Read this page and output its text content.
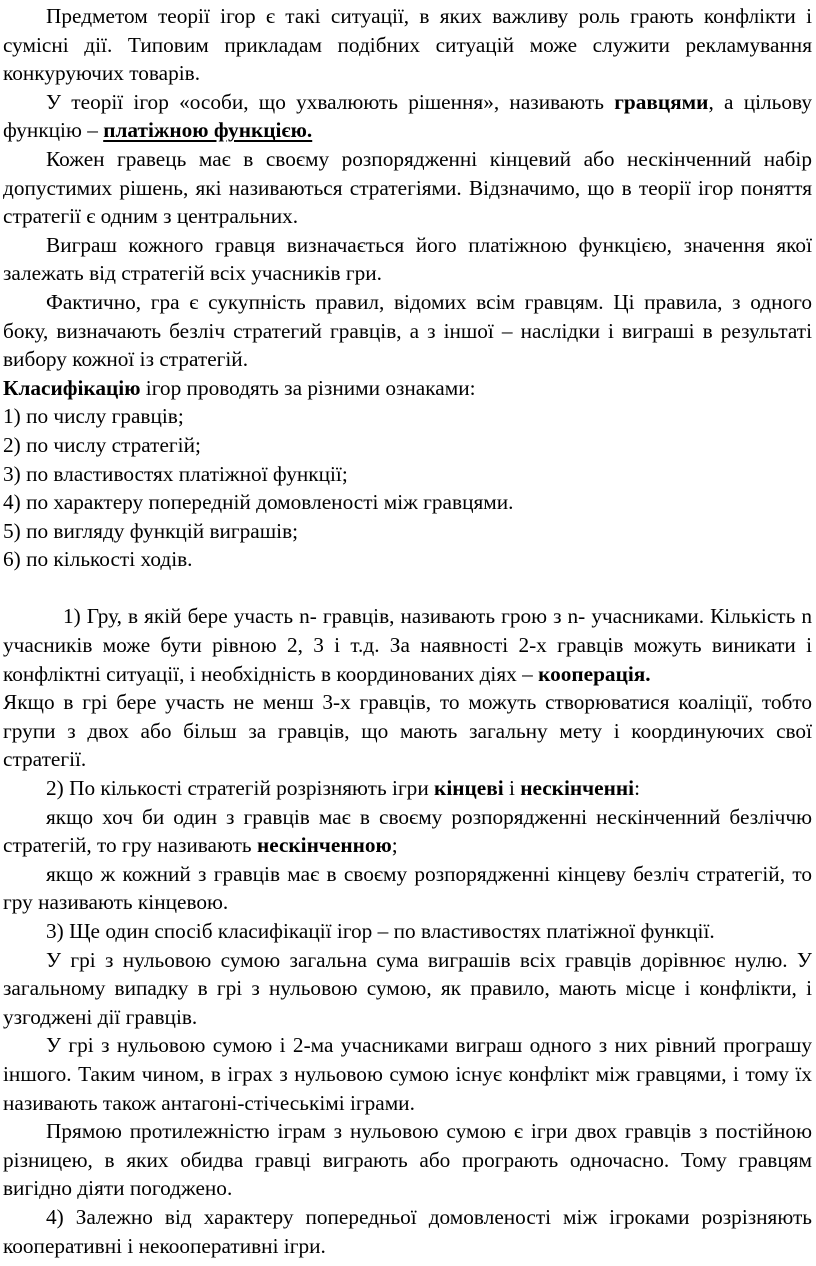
Предметом теорії ігор є такі ситуації, в яких важливу роль грають конфлікти і сумісні дії. Типовим прикладам подібних ситуацій може служити рекламування конкуруючих товарів.

У теорії ігор «особи, що ухвалюють рішення», називають гравцями, а цільову функцію – платіжною функцією.

Кожен гравець має в своєму розпорядженні кінцевий або нескінченний набір допустимих рішень, які називаються стратегіями. Відзначимо, що в теорії ігор поняття стратегії є одним з центральних.

Виграш кожного гравця визначається його платіжною функцією, значення якої залежать від стратегій всіх учасників гри.

Фактично, гра є сукупність правил, відомих всім гравцям. Ці правила, з одного боку, визначають безліч стратегий гравців, а з іншої – наслідки і виграші в результаті вибору кожної із стратегій.

Класифікацію ігор проводять за різними ознаками:

1) по числу гравців;

2) по числу стратегій;

3) по властивостях платіжної функції;

4) по характеру попередній домовленості між гравцями.

5) по вигляду функцій виграшів;

6) по кількості ходів.

1) Гру, в якій бере участь n- гравців, називають грою з n- учасниками. Кількість n учасників може бути рівною 2, 3 і т.д. За наявності 2-х гравців можуть виникати і конфліктні ситуації, і необхідність в координованих діях – кооперація.

Якщо в грі бере участь не менш 3-х гравців, то можуть створюватися коаліції, тобто групи з двох або більш за гравців, що мають загальну мету і координуючих свої стратегії.

2) По кількості стратегій розрізняють ігри кінцеві і нескінченні:

якщо хоч би один з гравців має в своєму розпорядженні нескінченний безліччю стратегій, то гру називають нескінченною;

якщо ж кожний з гравців має в своєму розпорядженні кінцеву безліч стратегій, то гру називають кінцевою.

3) Ще один спосіб класифікації ігор – по властивостях платіжної функції.

У грі з нульовою сумою загальна сума виграшів всіх гравців дорівнює нулю. У загальному випадку в грі з нульовою сумою, як правило, мають місце і конфлікти, і узгоджені дії гравців.

У грі з нульовою сумою і 2-ма учасниками виграш одного з них рівний програшу іншого. Таким чином, в іграх з нульовою сумою існує конфлікт між гравцями, і тому їх називають також антагоні-стічеськімі іграми.

Прямою протилежністю іграм з нульовою сумою є ігри двох гравців з постійною різницею, в яких обидва гравці виграють або програють одночасно. Тому гравцям вигідно діяти погоджено.

4) Залежно від характеру попередньої домовленості між ігроками розрізняють кооперативні і некооперативні ігри.
